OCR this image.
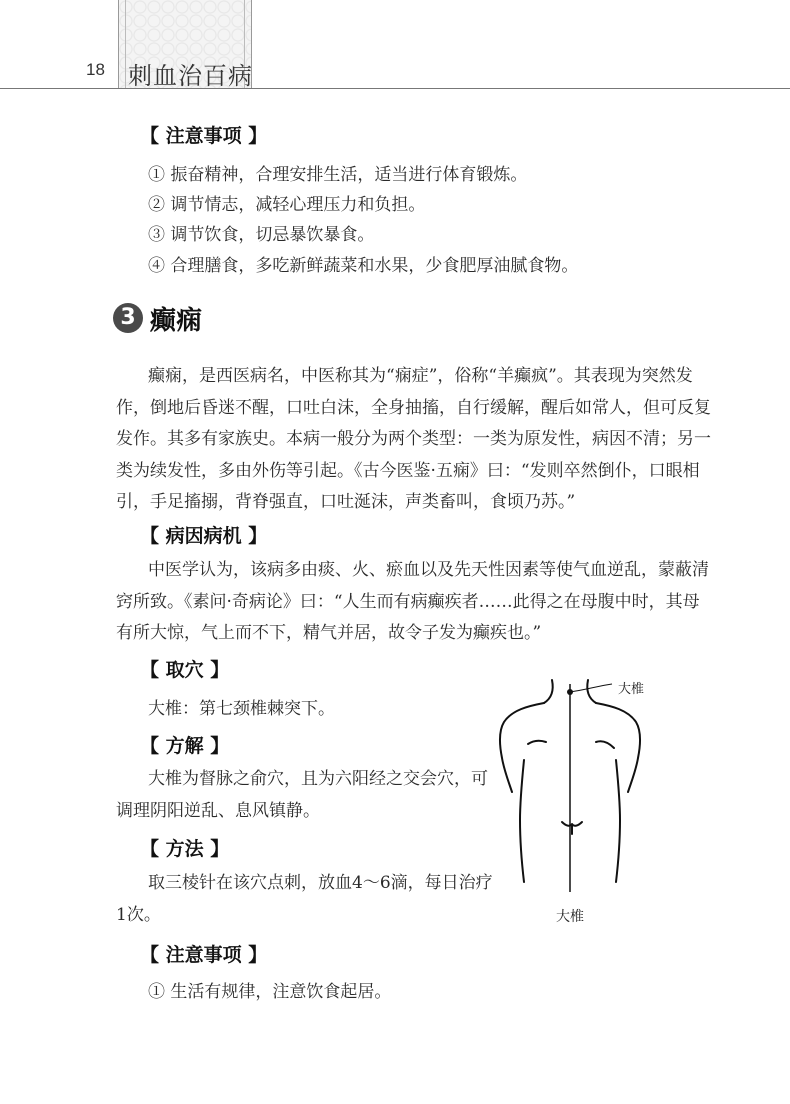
18 刺血治百病
【 注意事项 】
① 振奋精神，合理安排生活，适当进行体育锻炼。
② 调节情志，减轻心理压力和负担。
③ 调节饮食，切忌暴饮暴食。
④ 合理膳食，多吃新鲜蔬菜和水果，少食肥厚油腻食物。
3 癫痫
癫痫，是西医病名，中医称其为“痫症”，俗称“羊癫疯”。其表现为突然发
作，倒地后昏迷不醒，口吐白沫，全身抽搐，自行缓解，醒后如常人，但可反复
发作。其多有家族史。本病一般分为两个类型：一类为原发性，病因不清；另一
类为续发性，多由外伤等引起。《古今医鉴·五痫》曰：“发则卒然倒仆，口眼相
引，手足搐搦，背脊强直，口吐涎沫，声类畜叫，食顷乃苏。”
【 病因病机 】
中医学认为，该病多由痰、火、瘀血以及先天性因素等使气血逆乱，蒙蔽清
窍所致。《素问·奇病论》曰：“人生而有病癫疾者……此得之在母腹中时，其母
有所大惊，气上而不下，精气并居，故令子发为癫疾也。”
【 取穴 】
大椎：第七颈椎棘突下。
【 方解 】
大椎为督脉之俞穴，且为六阳经之交会穴，可
调理阴阳逆乱、息风镇静。
【 方法 】
取三棱针在该穴点刺，放血4～6滴，每日治疗
1次。
【 注意事项 】
① 生活有规律，注意饮食起居。
大椎
大椎
